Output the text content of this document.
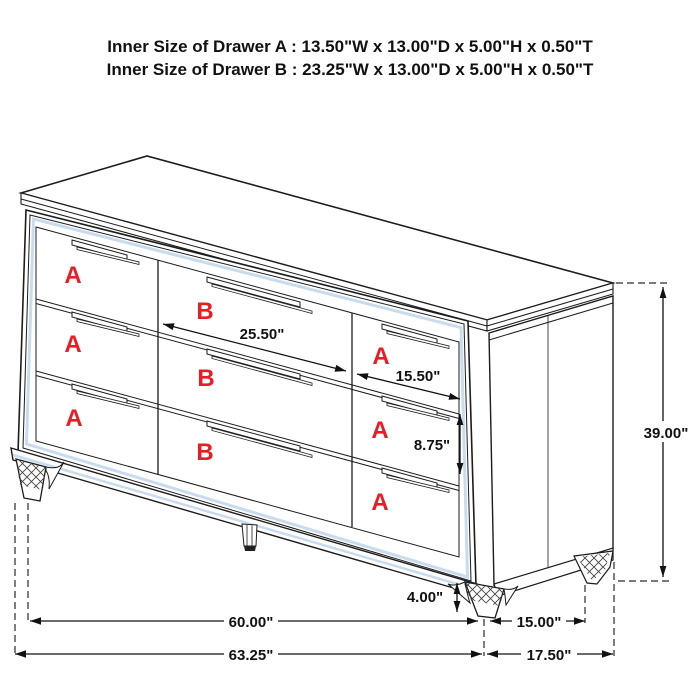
25.50"
15.50"
8.75"
39.00"
4.00"
60.00"	15.00"
63.25"	17.50"
A
A
A
B
B
B
A
A
A
Inner Size of Drawer A : 13.50"W x 13.00"D x 5.00"H x 0.50"T
Inner Size of Drawer B : 23.25"W x 13.00"D x 5.00"H x 0.50"T
